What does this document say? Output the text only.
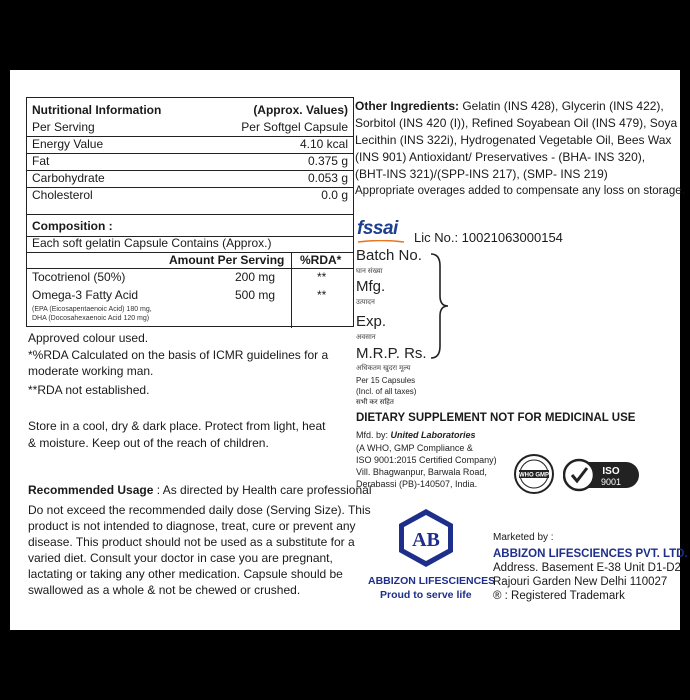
Nutritional Information	(Approx. Values)
Per Serving	Per Softgel Capsule
Energy Value	4.10 kcal
Fat	0.375 g
Carbohydrate	0.053 g
Cholesterol	0.0 g
Composition :
Each soft gelatin Capsule Contains (Approx.)
Amount Per Serving %RDA*
Tocotrienol (50%)	200 mg	**
Omega-3 Fatty Acid	500 mg	**
(EPA (Eicosapentaenoic Acid) 180 mg,
DHA (Docosahexaenoic Acid 120 mg)
Approved colour used.
*%RDA Calculated on the basis of ICMR guidelines for a
moderate working man.
**RDA not established.
Store in a cool, dry & dark place. Protect from light, heat
& moisture. Keep out of the reach of children.
Recommended Usage : As directed by Health care professional
Do not exceed the recommended daily dose (Serving Size). This
product is not intended to diagnose, treat, cure or prevent any
disease. This product should not be used as a substitute for a
varied diet. Consult your doctor in case you are pregnant,
lactating or taking any other medication. Capsule should be
swallowed as a whole & not be chewed or crushed.
Other Ingredients: Gelatin (INS 428), Glycerin (INS 422),
Sorbitol (INS 420 (I)), Refined Soyabean Oil (INS 479), Soya
Lecithin (INS 322i), Hydrogenated Vegetable Oil, Bees Wax
(INS 901) Antioxidant/ Preservatives - (BHA- INS 320),
(BHT-INS 321)/(SPP-INS 217), (SMP- INS 219)
Appropriate overages added to compensate any loss on storage.
fssai Lic No.: 10021063000154
Batch No.
घान संख्या
Mfg.
उत्पादन
Exp.
अवसान
M.R.P. Rs.
अधिकतम खुदरा मूल्य
Per 15 Capsules
(Incl. of all taxes)
सभी कर सहित
DIETARY SUPPLEMENT NOT FOR MEDICINAL USE
Mfd. by: United Laboratories
(A WHO, GMP Compliance &
ISO 9001:2015 Certified Company)
Vill. Bhagwanpur, Barwala Road,
Derabassi (PB)-140507, India.
WHO GMP	ISO
9001
AB
ABBIZON LIFESCIENCES
Proud to serve life
Marketed by :
ABBIZON LIFESCIENCES PVT. LTD.
Address. Basement E-38 Unit D1-D2
Rajouri Garden New Delhi 110027
® : Registered Trademark
